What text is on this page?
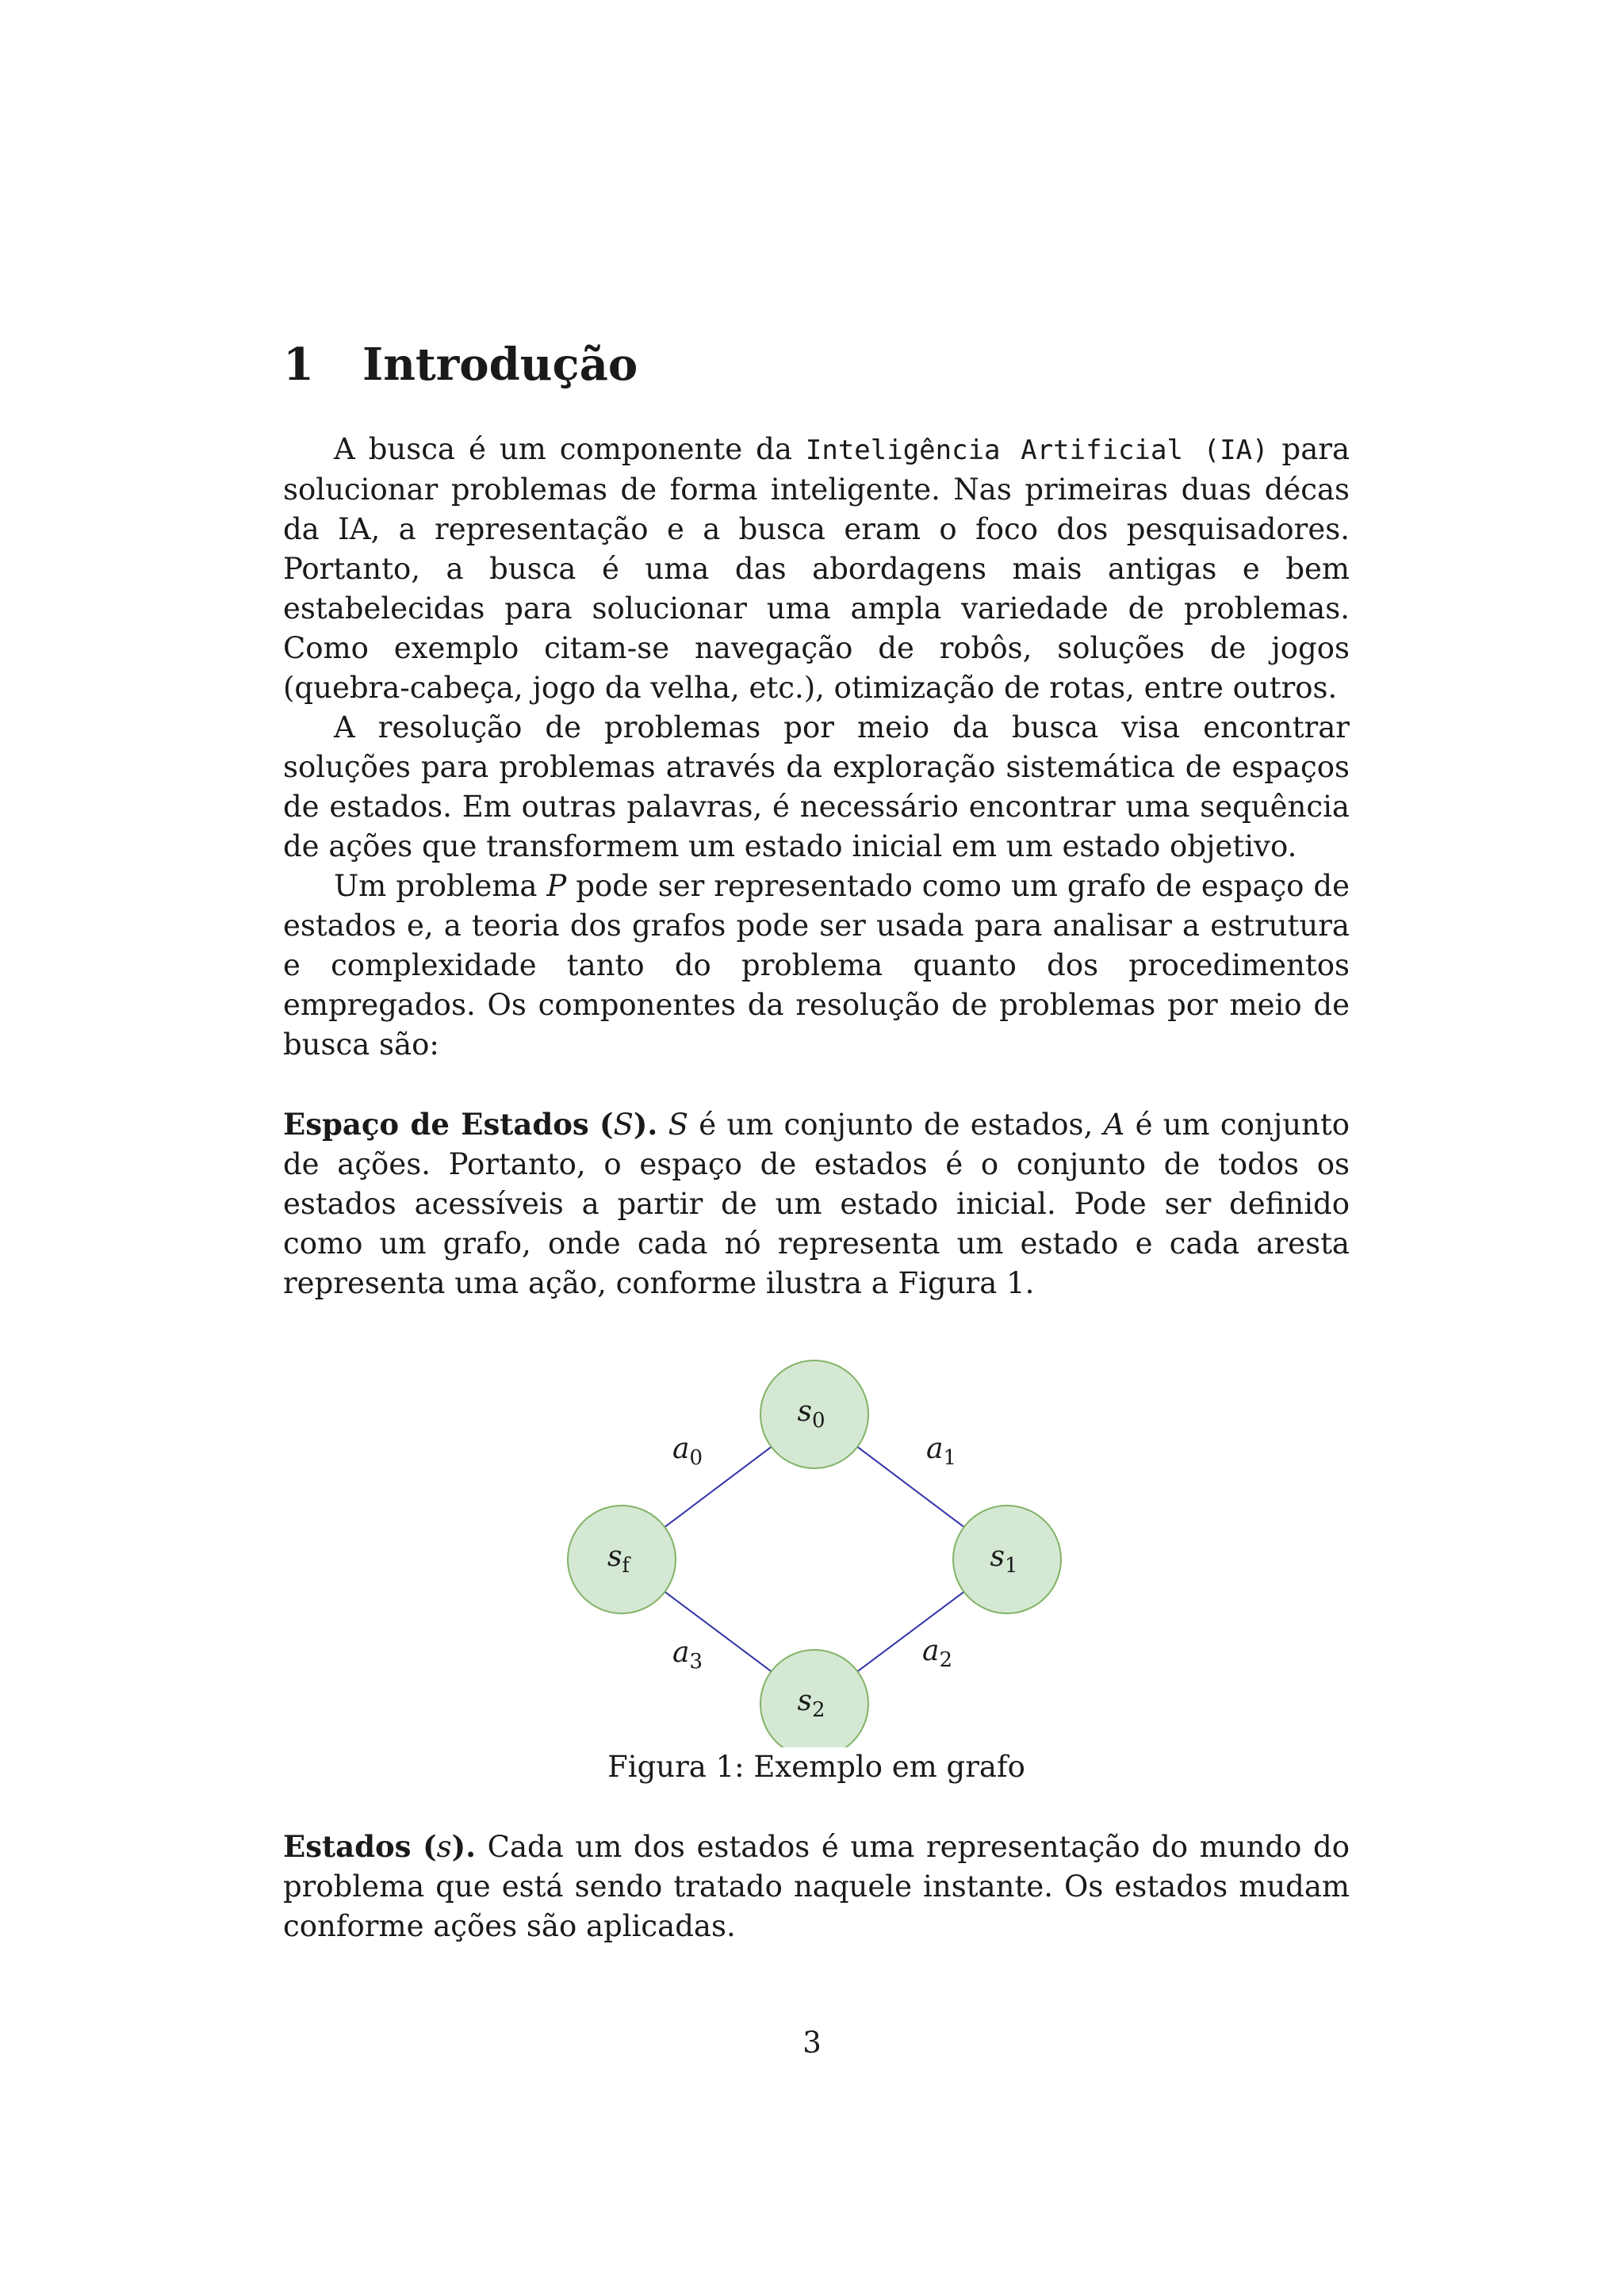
1	Introdução

A busca é um componente da Inteligência Artificial (IA) para solucionar problemas de forma inteligente. Nas primeiras duas décas da IA, a representação e a busca eram o foco dos pesquisadores. Portanto, a busca é uma das abordagens mais antigas e bem estabelecidas para solucionar uma ampla variedade de problemas. Como exemplo citam-se navegação de robôs, soluções de jogos (quebra-cabeça, jogo da velha, etc.), otimização de rotas, entre outros.

A resolução de problemas por meio da busca visa encontrar soluções para problemas através da exploração sistemática de espaços de estados. Em outras palavras, é necessário encontrar uma sequência de ações que transformem um estado inicial em um estado objetivo.

Um problema P pode ser representado como um grafo de espaço de estados e, a teoria dos grafos pode ser usada para analisar a estrutura e complexidade tanto do problema quanto dos procedimentos empregados. Os componentes da resolução de problemas por meio de busca são:

Espaço de Estados (S). S é um conjunto de estados, A é um conjunto de ações. Portanto, o espaço de estados é o conjunto de todos os estados acessíveis a partir de um estado inicial. Pode ser definido como um grafo, onde cada nó representa um estado e cada aresta representa uma ação, conforme ilustra a Figura 1.

$a_0$	$a_1$
$a_2$
$a_3$
$s_0$
$s_1$
$s_2$
$s_f$
Figura 1: Exemplo em grafo

Estados (s). Cada um dos estados é uma representação do mundo do problema que está sendo tratado naquele instante. Os estados mudam conforme ações são aplicadas.

3
